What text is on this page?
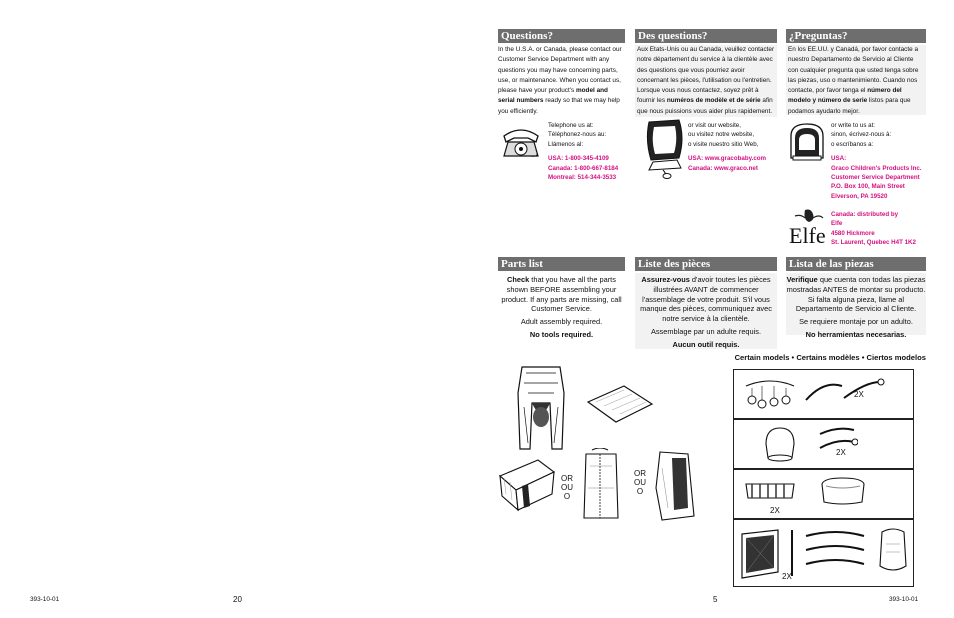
Questions?	Des questions?	¿Preguntas?
In the U.S.A. or Canada, please contact our Customer Service Department with any questions you may have concerning parts, use, or maintenance. When you contact us, please have your product's model and serial numbers ready so that we may help you efficiently.
Aux Etats-Unis ou au Canada, veuillez contacter notre département du service à la clientèle avec des questions que vous pourriez avoir concernant les pièces, l'utilisation ou l'entretien. Lorsque vous nous contactez, soyez prêt à fournir les numéros de modèle et de série afin que nous puissions vous aider plus rapidement.
En los EE.UU. y Canadá, por favor contacte a nuestro Departamento de Servicio al Cliente con cualquier pregunta que usted tenga sobre las piezas, uso o mantenimiento. Cuando nos contacte, por favor tenga el número del modelo y número de serie listos para que podamos ayudarlo mejor.
Telephone us at:
Téléphonez-nous au:
Llámenos al:
USA: 1-800-345-4109
Canada: 1-800-667-8184
Montreal: 514-344-3533
or visit our website,
ou visitez notre website,
o visite nuestro sitio Web,
USA: www.gracobaby.com
Canada: www.graco.net
or write to us at:
sinon, écrivez-nous à:
o escríbanos a:
USA:
Graco Children's Products Inc.
Customer Service Department
P.O. Box 100, Main Street
Elverson, PA 19520
Elfe
Canada: distributed by
Elfe
4580 Hickmore
St. Laurent, Quebec H4T 1K2
Parts list	Liste des pièces	Lista de las piezas

Check that you have all the parts shown BEFORE assembling your product. If any parts are missing, call Customer Service.

Adult assembly required.

No tools required.

Assurez-vous d'avoir toutes les pièces illustrées AVANT de commencer l'assemblage de votre produit. S'il vous manque des pièces, communiquez avec notre service à la clientèle.

Assemblage par un adulte requis.

Aucun outil requis.

Verifique que cuenta con todas las piezas mostradas ANTES de montar su producto. Si falta alguna pieza, llame al Departamento de Servicio al Cliente.

Se requiere montaje por un adulto.

No herramientas necesarias.

Certain models • Certains modèles • Ciertos modelos
OR
OU
O
OR
OU
O
2X
2X
2X
2X
393-10-01	20	5	393-10-01
